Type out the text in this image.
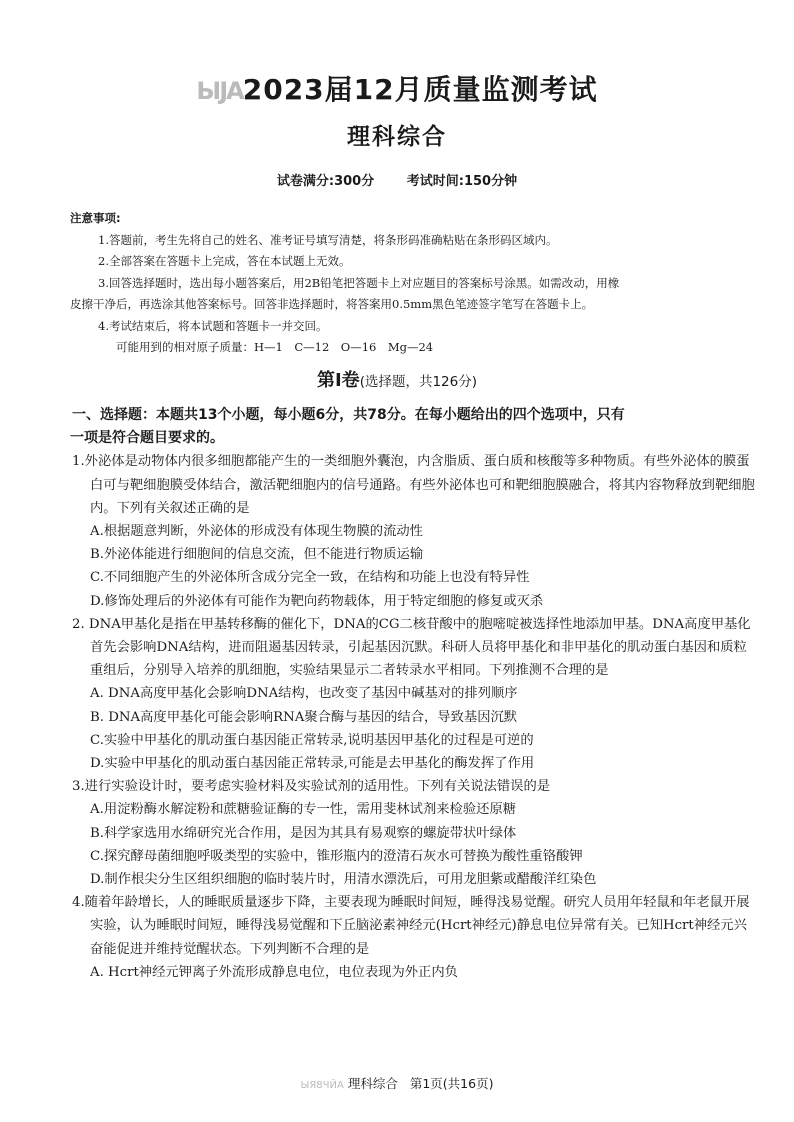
ЫJA2023届12月质量监测考试
理科综合
试卷满分:300分	考试时间:150分钟
注意事项:

1.答题前，考生先将自己的姓名、准考证号填写清楚，将条形码准确粘贴在条形码区域内。

2.全部答案在答题卡上完成，答在本试题上无效。

3.回答选择题时，选出每小题答案后，用2B铅笔把答题卡上对应题目的答案标号涂黑。如需改动，用橡

皮擦干净后，再选涂其他答案标号。回答非选择题时，将答案用0.5mm黑色笔迹签字笔写在答题卡上。

4.考试结束后，将本试题和答题卡一并交回。

可能用到的相对原子质量：H—1　C—12　O—16　Mg—24

第Ⅰ卷(选择题，共126分)

一、选择题：本题共13个小题，每小题6分，共78分。在每小题给出的四个选项中，只有

一项是符合题目要求的。

1.外泌体是动物体内很多细胞都能产生的一类细胞外囊泡，内含脂质、蛋白质和核酸等多种物质。有些外泌体的膜蛋白可与靶细胞膜受体结合，激活靶细胞内的信号通路。有些外泌体也可和靶细胞膜融合，将其内容物释放到靶细胞内。下列有关叙述正确的是

A.根据题意判断，外泌体的形成没有体现生物膜的流动性

B.外泌体能进行细胞间的信息交流，但不能进行物质运输

C.不同细胞产生的外泌体所含成分完全一致，在结构和功能上也没有特异性

D.修饰处理后的外泌体有可能作为靶向药物载体，用于特定细胞的修复或灭杀

2. DNA甲基化是指在甲基转移酶的催化下，DNA的CG二核苷酸中的胞嘧啶被选择性地添加甲基。DNA高度甲基化首先会影响DNA结构，进而阻遏基因转录，引起基因沉默。科研人员将甲基化和非甲基化的肌动蛋白基因和质粒重组后，分别导入培养的肌细胞，实验结果显示二者转录水平相同。下列推测不合理的是

A. DNA高度甲基化会影响DNA结构，也改变了基因中碱基对的排列顺序

B. DNA高度甲基化可能会影响RNA聚合酶与基因的结合，导致基因沉默

C.实验中甲基化的肌动蛋白基因能正常转录,说明基因甲基化的过程是可逆的

D.实验中甲基化的肌动蛋白基因能正常转录,可能是去甲基化的酶发挥了作用

3.进行实验设计时，要考虑实验材料及实验试剂的适用性。下列有关说法错误的是

A.用淀粉酶水解淀粉和蔗糖验证酶的专一性，需用斐林试剂来检验还原糖

B.科学家选用水绵研究光合作用，是因为其具有易观察的螺旋带状叶绿体

C.探究酵母菌细胞呼吸类型的实验中，锥形瓶内的澄清石灰水可替换为酸性重铬酸钾

D.制作根尖分生区组织细胞的临时装片时，用清水漂洗后，可用龙胆紫或醋酸洋红染色

4.随着年龄增长，人的睡眠质量逐步下降，主要表现为睡眠时间短，睡得浅易觉醒。研究人员用年轻鼠和年老鼠开展实验，认为睡眠时间短，睡得浅易觉醒和下丘脑泌素神经元(Hcrt神经元)静息电位异常有关。已知Hcrt神经元兴奋能促进并维持觉醒状态。下列判断不合理的是

A. Hcrt神经元钾离子外流形成静息电位，电位表现为外正内负

ЫЯ8ЧЙА 理科综合 第1页(共16页)
